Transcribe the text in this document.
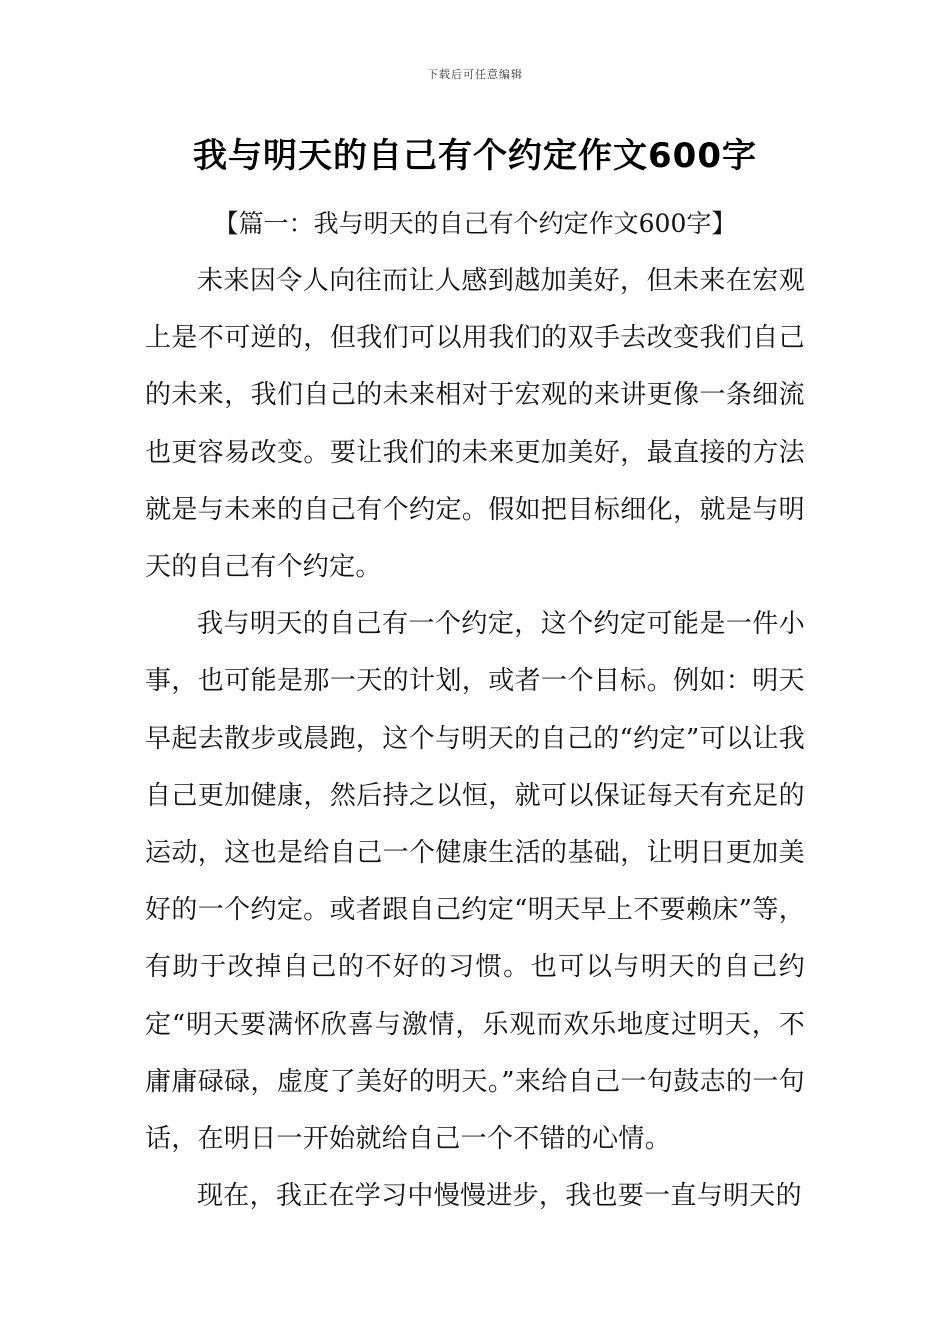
下载后可任意编辑
我与明天的自己有个约定作文600字
【篇一：我与明天的自己有个约定作文600字】

未来因令人向往而让人感到越加美好，但未来在宏观上是不可逆的，但我们可以用我们的双手去改变我们自己的未来，我们自己的未来相对于宏观的来讲更像一条细流也更容易改变。要让我们的未来更加美好，最直接的方法就是与未来的自己有个约定。假如把目标细化，就是与明天的自己有个约定。

我与明天的自己有一个约定，这个约定可能是一件小事，也可能是那一天的计划，或者一个目标。例如：明天早起去散步或晨跑，这个与明天的自己的“约定”可以让我自己更加健康，然后持之以恒，就可以保证每天有充足的运动，这也是给自己一个健康生活的基础，让明日更加美好的一个约定。或者跟自己约定“明天早上不要赖床”等，有助于改掉自己的不好的习惯。也可以与明天的自己约定“明天要满怀欣喜与激情，乐观而欢乐地度过明天，不庸庸碌碌，虚度了美好的明天。”来给自己一句鼓志的一句话，在明日一开始就给自己一个不错的心情。

现在，我正在学习中慢慢进步，我也要一直与明天的
